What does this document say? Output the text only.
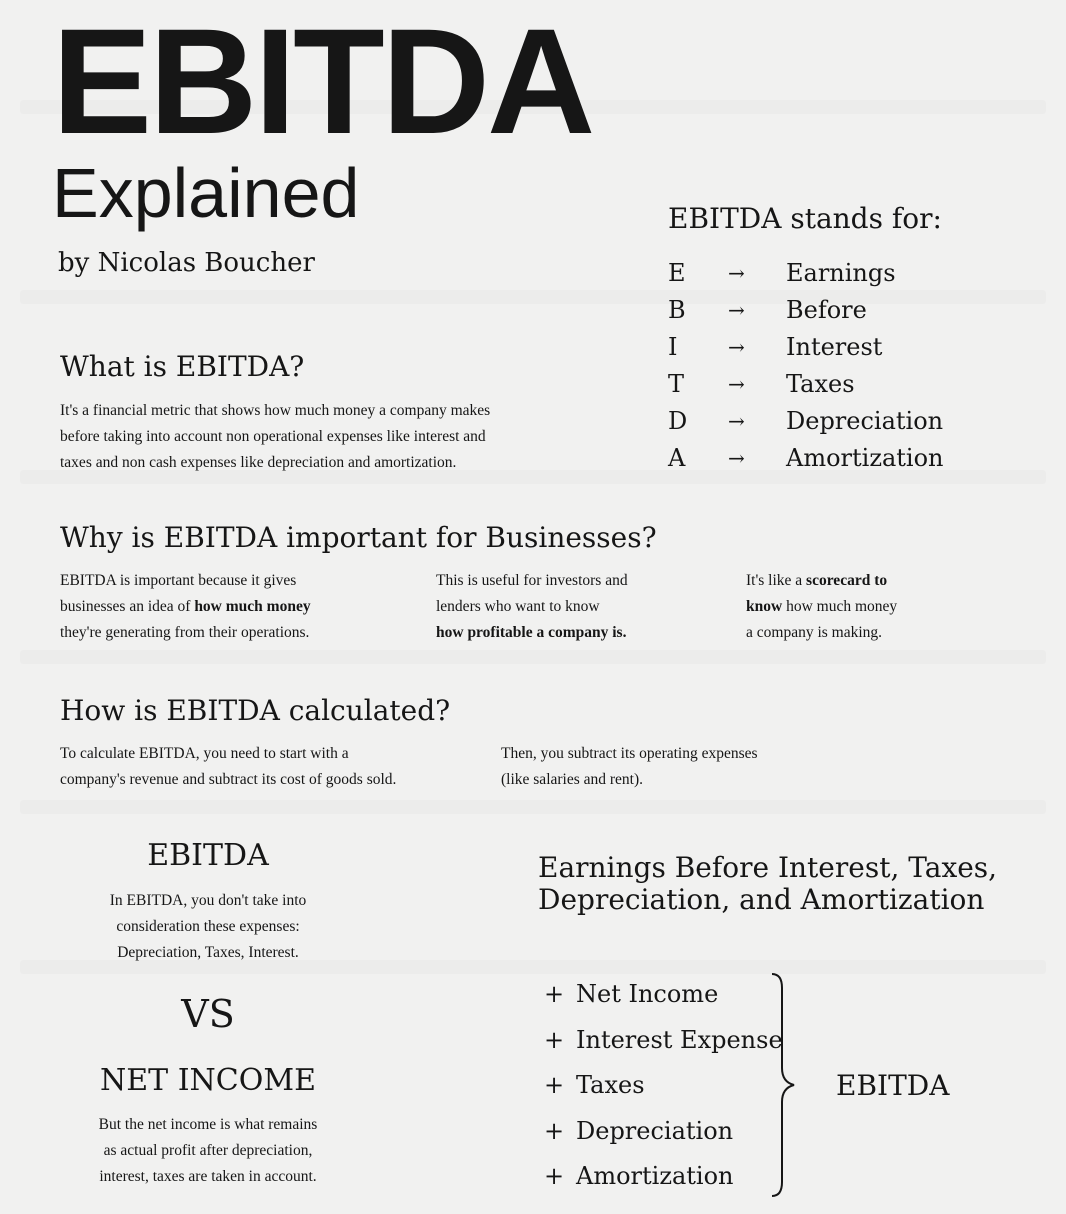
EBITDA
Explained
by Nicolas Boucher
What is EBITDA?
It's a financial metric that shows how much money a company makes
before taking into account non operational expenses like interest and
taxes and non cash expenses like depreciation and amortization.
EBITDA stands for:
E	→	Earnings
B	→	Before
I	→	Interest
T	→	Taxes
D	→	Depreciation
A	→	Amortization
Why is EBITDA important for Businesses?
EBITDA is important because it gives
businesses an idea of how much money
they're generating from their operations.
This is useful for investors and
lenders who want to know
how profitable a company is.
It's like a scorecard to
know how much money
a company is making.
How is EBITDA calculated?
To calculate EBITDA, you need to start with a
company's revenue and subtract its cost of goods sold.
Then, you subtract its operating expenses
(like salaries and rent).
EBITDA
In EBITDA, you don't take into
consideration these expenses:
Depreciation, Taxes, Interest.
VS
NET INCOME
But the net income is what remains
as actual profit after depreciation,
interest, taxes are taken in account.
Earnings Before Interest, Taxes,
Depreciation, and Amortization
+ Net Income
+ Interest Expense
+ Taxes
+ Depreciation
+ Amortization
EBITDA
